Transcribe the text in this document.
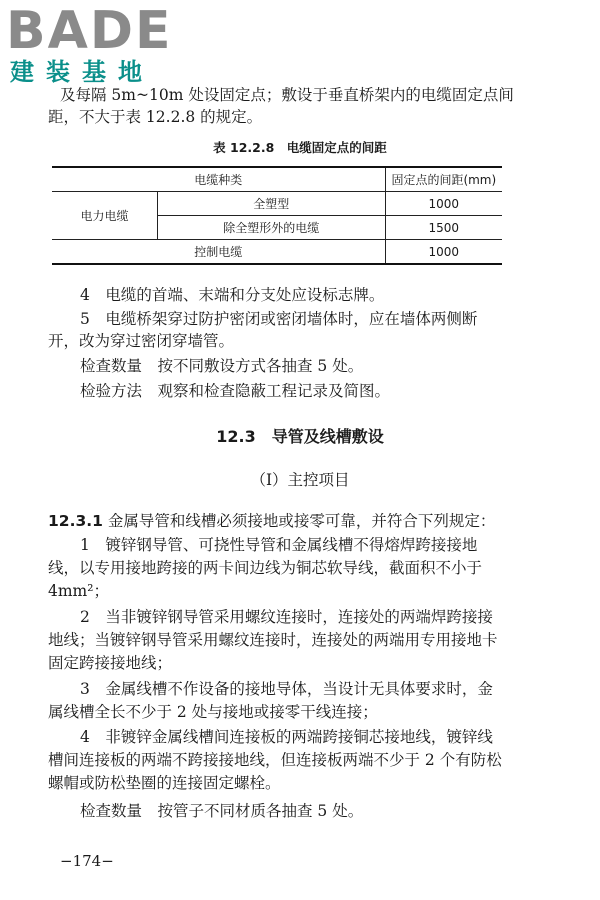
BADE
建装基地
及每隔 5m~10m 处设固定点；敷设于垂直桥架内的电缆固定点间
距，不大于表 12.2.8 的规定。
表 12.2.8　电缆固定点的间距
电缆种类		固定点的间距(mm)
电力电缆	全塑型	1000
	除全塑形外的电缆	1500
控制电缆		1000
4　电缆的首端、末端和分支处应设标志牌。
5　电缆桥架穿过防护密闭或密闭墙体时，应在墙体两侧断
开，改为穿过密闭穿墙管。
检查数量　按不同敷设方式各抽查 5 处。
检验方法　观察和检查隐蔽工程记录及简图。
12.3　导管及线槽敷设
（Ⅰ）主控项目
12.3.1 金属导管和线槽必须接地或接零可靠，并符合下列规定：
1　镀锌钢导管、可挠性导管和金属线槽不得熔焊跨接接地线，以专用接地跨接的两卡间边线为铜芯软导线，截面积不小于 4mm²；
2　当非镀锌钢导管采用螺纹连接时，连接处的两端焊跨接接地线；当镀锌钢导管采用螺纹连接时，连接处的两端用专用接地卡固定跨接接地线；
3　金属线槽不作设备的接地导体，当设计无具体要求时，金属线槽全长不少于 2 处与接地或接零干线连接；
4　非镀锌金属线槽间连接板的两端跨接铜芯接地线，镀锌线槽间连接板的两端不跨接接地线，但连接板两端不少于 2 个有防松螺帽或防松垫圈的连接固定螺栓。
检查数量　按管子不同材质各抽查 5 处。
−174−
